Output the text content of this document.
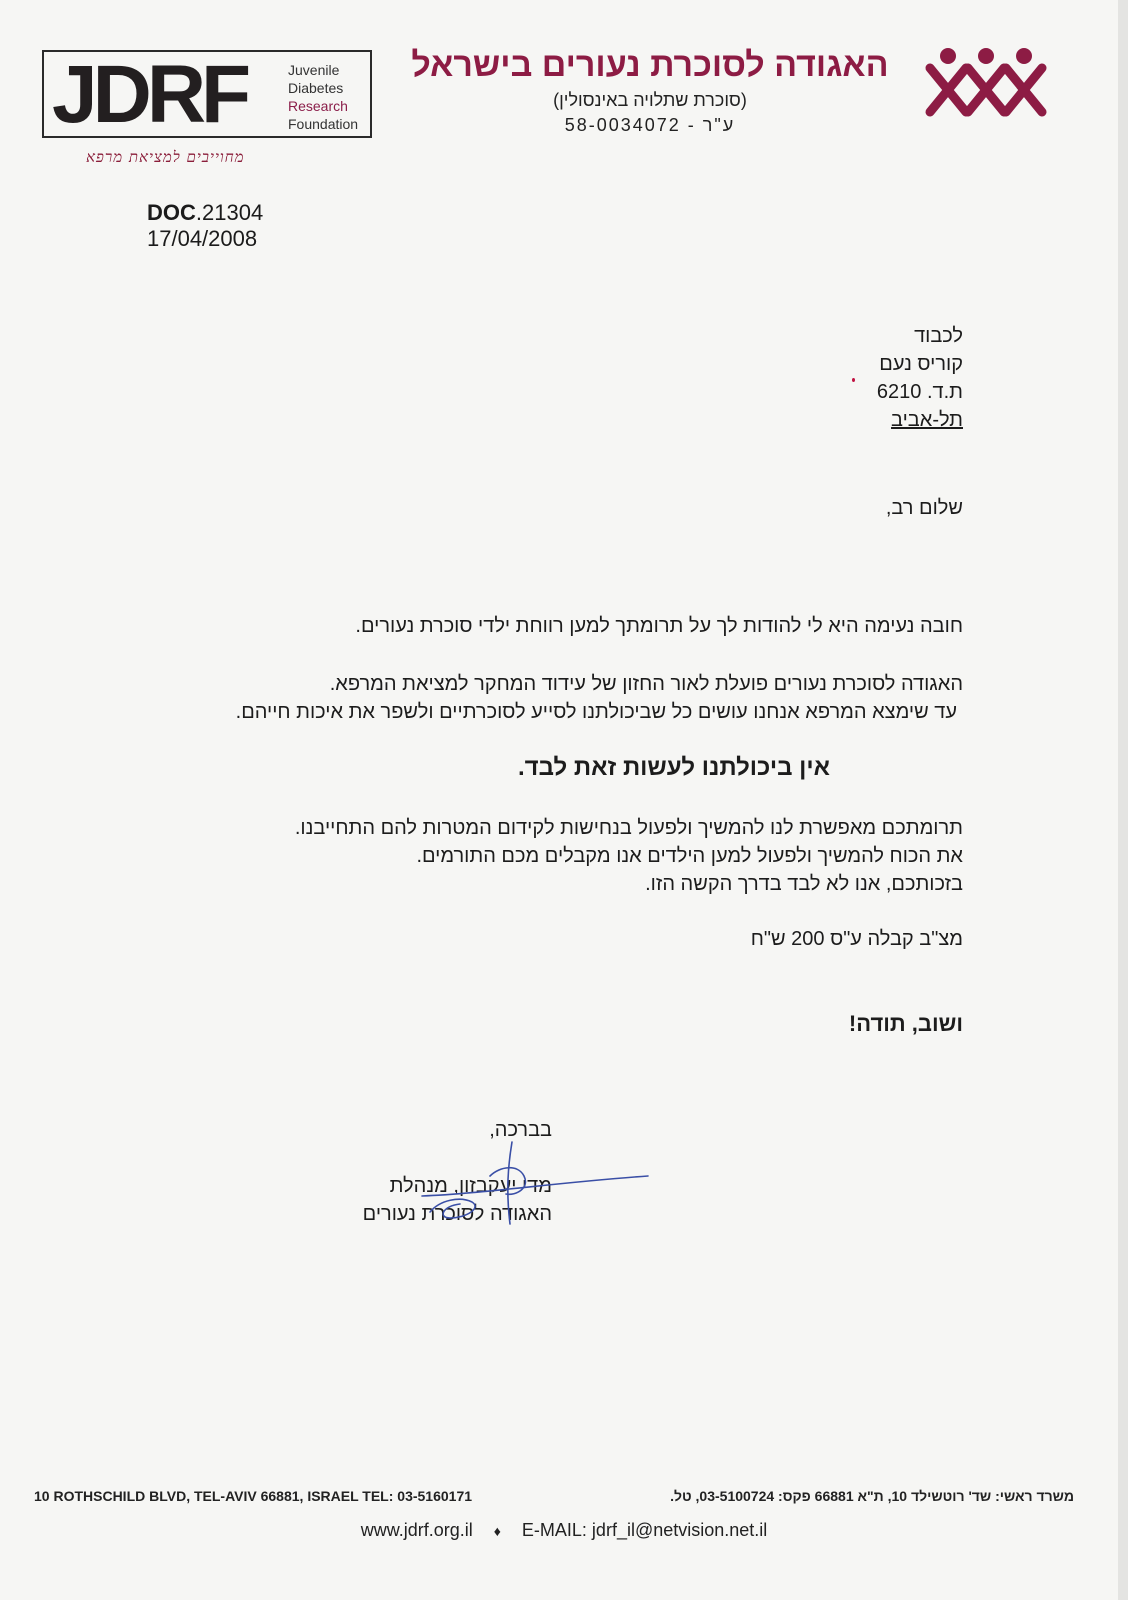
JDRF	Juvenile
Diabetes
Research
Foundation
מחוייבים למציאת מרפא
האגודה לסוכרת נעורים בישראל
(סוכרת שתלויה באינסולין)
ע"ר - 58-0034072
DOC.21304
17/04/2008
לכבוד
קוריס נעם
ת.ד. 6210
תל-אביב
שלום רב,
חובה נעימה היא לי להודות לך על תרומתך למען רווחת ילדי סוכרת נעורים.
האגודה לסוכרת נעורים פועלת לאור החזון של עידוד המחקר למציאת המרפא.
עד שימצא המרפא אנחנו עושים כל שביכולתנו לסייע לסוכרתיים ולשפר את איכות חייהם.
אין ביכולתנו לעשות זאת לבד.
תרומתכם מאפשרת לנו להמשיך ולפעול בנחישות לקידום המטרות להם התחייבנו.
את הכוח להמשיך ולפעול למען הילדים אנו מקבלים מכם התורמים.
בזכותכם, אנו לא לבד בדרך הקשה הזו.
מצ"ב קבלה ע"ס 200 ש"ח
ושוב, תודה!
בברכה,
מדי יעקבזון, מנהלת
האגודה לסוכרת נעורים
10 ROTHSCHILD BLVD, TEL-AVIV 66881, ISRAEL TEL: 03-5160171	משרד ראשי: שד' רוטשילד 10, ת"א 66881 פקס: 03-5100724, טל.
www.jdrf.org.il ♦ E-MAIL: jdrf_il@netvision.net.il
